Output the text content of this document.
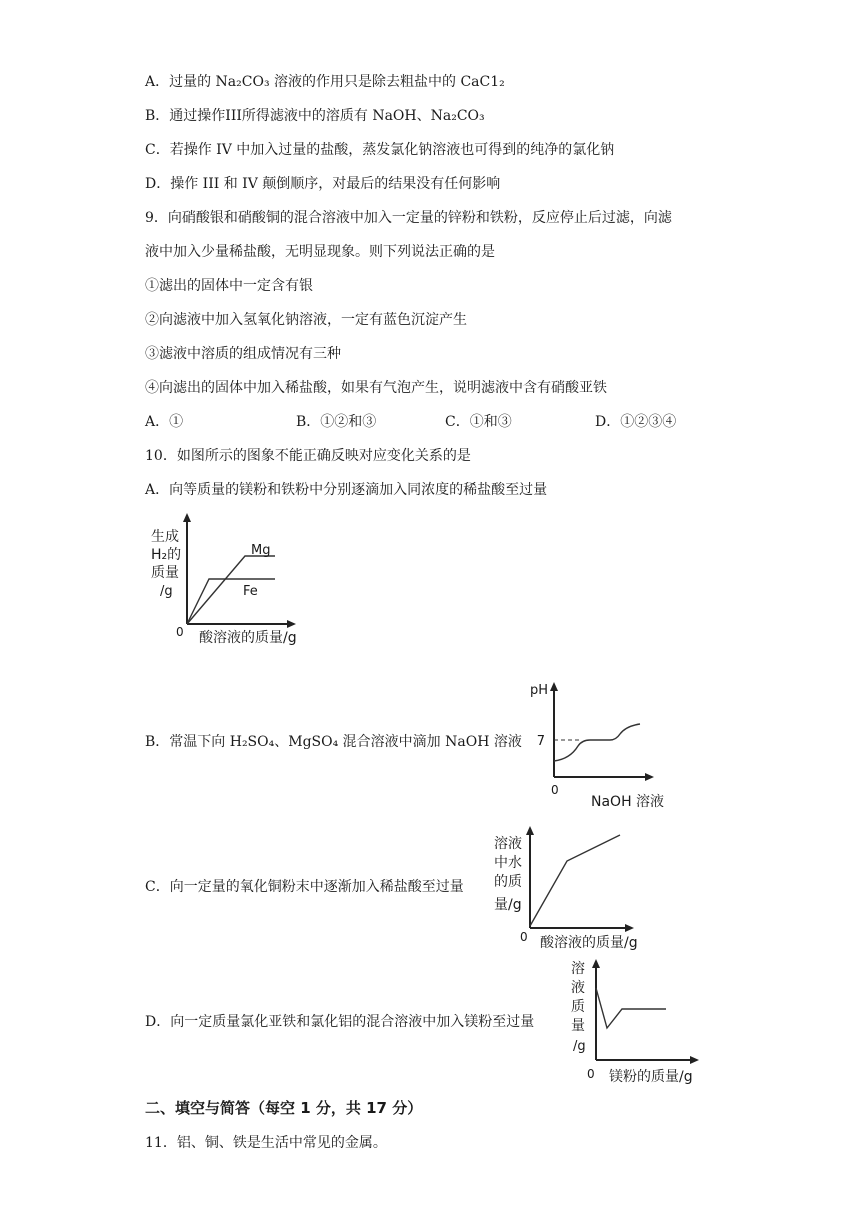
A．过量的 Na₂CO₃ 溶液的作用只是除去粗盐中的 CaC1₂
B．通过操作III所得滤液中的溶质有 NaOH、Na₂CO₃
C．若操作 IV 中加入过量的盐酸，蒸发氯化钠溶液也可得到的纯净的氯化钠
D．操作 III 和 IV 颠倒顺序，对最后的结果没有任何影响
9．向硝酸银和硝酸铜的混合溶液中加入一定量的锌粉和铁粉，反应停止后过滤，向滤
液中加入少量稀盐酸，无明显现象。则下列说法正确的是
①滤出的固体中一定含有银
②向滤液中加入氢氧化钠溶液，一定有蓝色沉淀产生
③滤液中溶质的组成情况有三种
④向滤出的固体中加入稀盐酸，如果有气泡产生，说明滤液中含有硝酸亚铁
A．①	B．①②和③	C．①和③	D．①②③④
10．如图所示的图象不能正确反映对应变化关系的是
A．向等质量的镁粉和铁粉中分别逐滴加入同浓度的稀盐酸至过量
生成
H₂的
质量
/g
Mg
Fe
0 酸溶液的质量/g
B．常温下向 H₂SO₄、MgSO₄ 混合溶液中滴加 NaOH 溶液
pH
7
0
NaOH 溶液
C．向一定量的氧化铜粉末中逐渐加入稀盐酸至过量
溶液
中水
的质
量/g
0 酸溶液的质量/g
D．向一定质量氯化亚铁和氯化铝的混合溶液中加入镁粉至过量
溶
液
质
量
/g
0 镁粉的质量/g
二、填空与简答（每空 1 分，共 17 分）
11．铝、铜、铁是生活中常见的金属。
